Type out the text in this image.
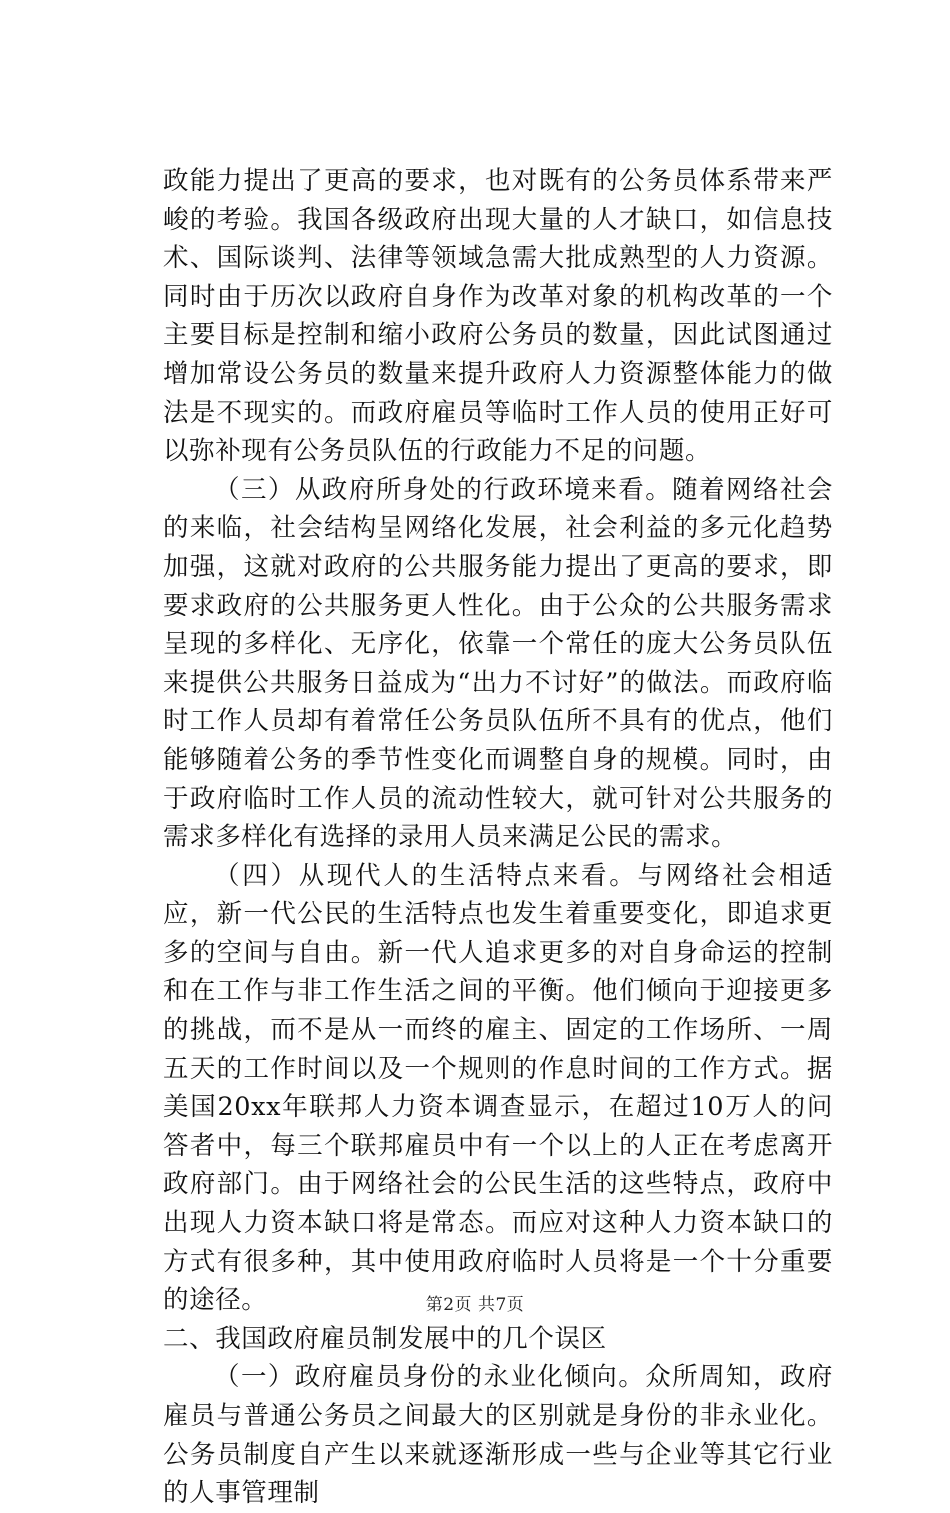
政能力提出了更高的要求，也对既有的公务员体系带来严峻的考验。我国各级政府出现大量的人才缺口，如信息技术、国际谈判、法律等领域急需大批成熟型的人力资源。同时由于历次以政府自身作为改革对象的机构改革的一个主要目标是控制和缩小政府公务员的数量，因此试图通过增加常设公务员的数量来提升政府人力资源整体能力的做法是不现实的。而政府雇员等临时工作人员的使用正好可以弥补现有公务员队伍的行政能力不足的问题。

（三）从政府所身处的行政环境来看。随着网络社会的来临，社会结构呈网络化发展，社会利益的多元化趋势加强，这就对政府的公共服务能力提出了更高的要求，即要求政府的公共服务更人性化。由于公众的公共服务需求呈现的多样化、无序化，依靠一个常任的庞大公务员队伍来提供公共服务日益成为“出力不讨好”的做法。而政府临时工作人员却有着常任公务员队伍所不具有的优点，他们能够随着公务的季节性变化而调整自身的规模。同时，由于政府临时工作人员的流动性较大，就可针对公共服务的需求多样化有选择的录用人员来满足公民的需求。

（四）从现代人的生活特点来看。与网络社会相适应，新一代公民的生活特点也发生着重要变化，即追求更多的空间与自由。新一代人追求更多的对自身命运的控制和在工作与非工作生活之间的平衡。他们倾向于迎接更多的挑战，而不是从一而终的雇主、固定的工作场所、一周五天的工作时间以及一个规则的作息时间的工作方式。据美国20xx年联邦人力资本调查显示，在超过10万人的问答者中，每三个联邦雇员中有一个以上的人正在考虑离开政府部门。由于网络社会的公民生活的这些特点，政府中出现人力资本缺口将是常态。而应对这种人力资本缺口的方式有很多种，其中使用政府临时人员将是一个十分重要的途径。

二、我国政府雇员制发展中的几个误区

（一）政府雇员身份的永业化倾向。众所周知，政府雇员与普通公务员之间最大的区别就是身份的非永业化。公务员制度自产生以来就逐渐形成一些与企业等其它行业的人事管理制

第2页 共7页
